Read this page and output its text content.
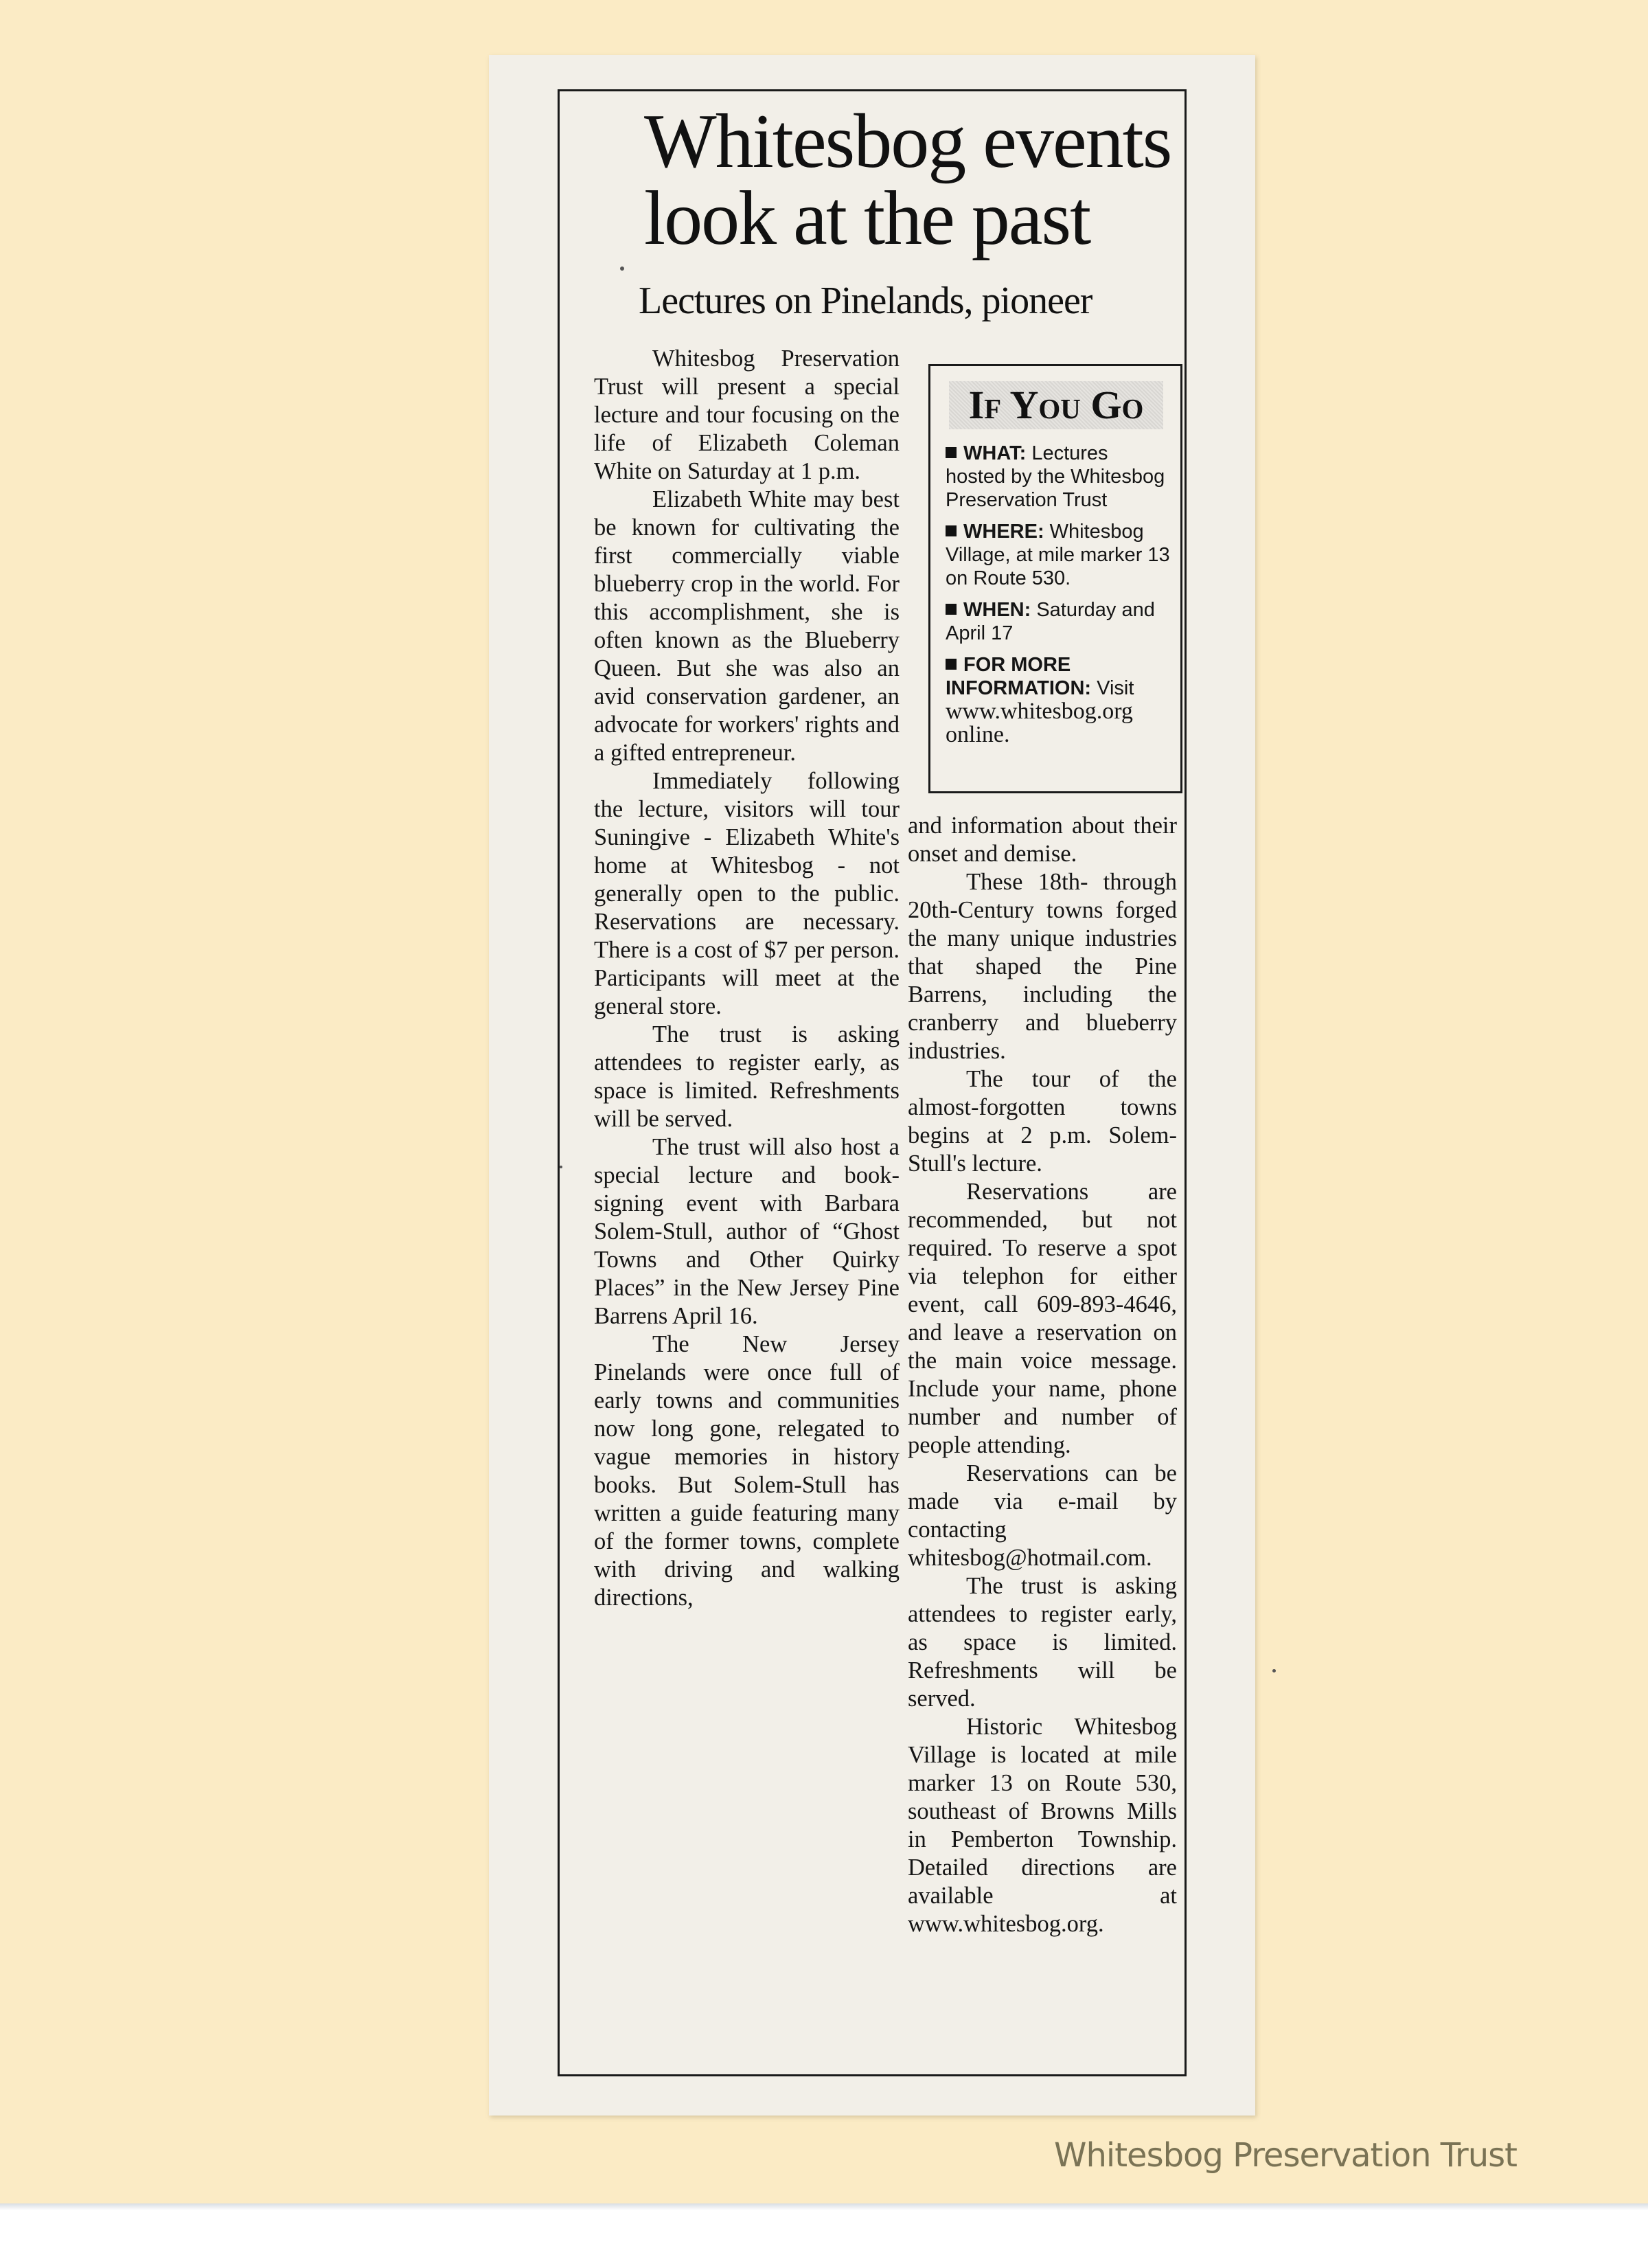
Whitesbog events
look at the past
Lectures on Pinelands, pioneer

Whitesbog Preservation Trust will present a special lecture and tour focusing on the life of Elizabeth Coleman White on Saturday at 1 p.m.

Elizabeth White may best be known for cultivating the first commercially viable blueberry crop in the world. For this accomplishment, she is often known as the Blueberry Queen. But she was also an avid conservation gardener, an advocate for workers' rights and a gifted entrepreneur.

Immediately following the lecture, visitors will tour Suningive - Elizabeth White's home at Whitesbog - not generally open to the public. Reservations are necessary. There is a cost of $7 per person. Participants will meet at the general store.

The trust is asking attendees to register early, as space is limited. Refreshments will be served.

The trust will also host a special lecture and book-signing event with Barbara Solem-Stull, author of “Ghost Towns and Other Quirky Places” in the New Jersey Pine Barrens April 16.

The New Jersey Pinelands were once full of early towns and communities now long gone, relegated to vague memories in history books. But Solem-Stull has written a guide featuring many of the former towns, complete with driving and walking directions,

If You Go
WHAT: Lectures hosted by the Whitesbog Preservation Trust
WHERE: Whitesbog Village, at mile marker 13 on Route 530.
WHEN: Saturday and April 17
FOR MORE INFORMATION: Visit
www.whitesbog.org online.

and information about their onset and demise.

These 18th- through 20th-Century towns forged the many unique industries that shaped the Pine Barrens, including the cranberry and blueberry industries.

The tour of the almost-forgotten towns begins at 2 p.m. Solem-Stull's lecture.

Reservations are recommended, but not required. To reserve a spot via telephon for either event, call 609-893-4646, and leave a reservation on the main voice message. Include your name, phone number and number of people attending.

Reservations can be made via e-mail by contacting whitesbog@hotmail.com.

The trust is asking attendees to register early, as space is limited. Refreshments will be served.

Historic Whitesbog Village is located at mile marker 13 on Route 530, southeast of Browns Mills in Pemberton Township. Detailed directions are available at www.whitesbog.org.

Whitesbog Preservation Trust
